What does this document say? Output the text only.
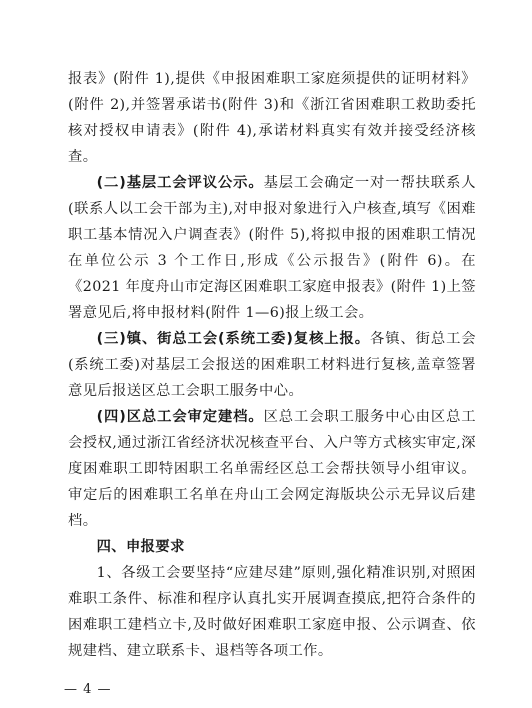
报表》(附件 1),提供《申报困难职工家庭须提供的证明材料》(附件 2),并签署承诺书(附件 3)和《浙江省困难职工救助委托核对授权申请表》(附件 4),承诺材料真实有效并接受经济核查。

(二)基层工会评议公示。基层工会确定一对一帮扶联系人(联系人以工会干部为主),对申报对象进行入户核查,填写《困难职工基本情况入户调查表》(附件 5),将拟申报的困难职工情况在单位公示 3 个工作日,形成《公示报告》(附件 6)。在《2021 年度舟山市定海区困难职工家庭申报表》(附件 1)上签署意见后,将申报材料(附件 1—6)报上级工会。

(三)镇、街总工会(系统工委)复核上报。各镇、街总工会(系统工委)对基层工会报送的困难职工材料进行复核,盖章签署意见后报送区总工会职工服务中心。

(四)区总工会审定建档。区总工会职工服务中心由区总工会授权,通过浙江省经济状况核查平台、入户等方式核实审定,深度困难职工即特困职工名单需经区总工会帮扶领导小组审议。审定后的困难职工名单在舟山工会网定海版块公示无异议后建档。

四、申报要求

1、各级工会要坚持“应建尽建”原则,强化精准识别,对照困难职工条件、标准和程序认真扎实开展调查摸底,把符合条件的困难职工建档立卡,及时做好困难职工家庭申报、公示调查、依规建档、建立联系卡、退档等各项工作。

— 4 —
